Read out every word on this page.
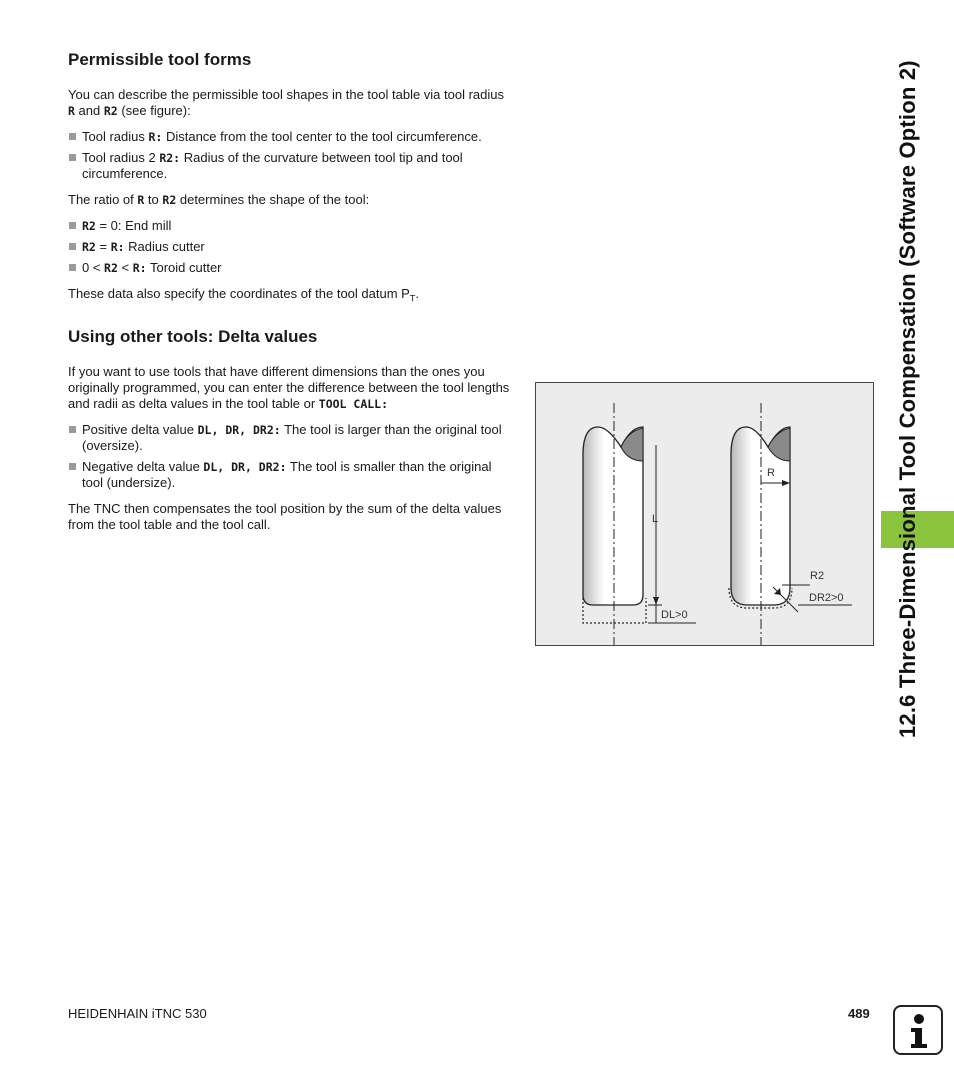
Permissible tool forms

You can describe the permissible tool shapes in the tool table via tool radius R and R2 (see figure):

Tool radius R: Distance from the tool center to the tool circumference.
Tool radius 2 R2: Radius of the curvature between tool tip and tool circumference.

The ratio of R to R2 determines the shape of the tool:

R2 = 0: End mill
R2 = R: Radius cutter
0 < R2 < R: Toroid cutter

These data also specify the coordinates of the tool datum $P_T$.

Using other tools: Delta values

If you want to use tools that have different dimensions than the ones you originally programmed, you can enter the difference between the tool lengths and radii as delta values in the tool table or TOOL CALL:

Positive delta value DL, DR, DR2: The tool is larger than the original tool (oversize).
Negative delta value DL, DR, DR2: The tool is smaller than the original tool (undersize).

The TNC then compensates the tool position by the sum of the delta values from the tool table and the tool call.	L
R
R2
DR2>0
DL>0	12.6 Three-Dimensional Tool Compensation (Software Option 2)
HEIDENHAIN iTNC 530	489
